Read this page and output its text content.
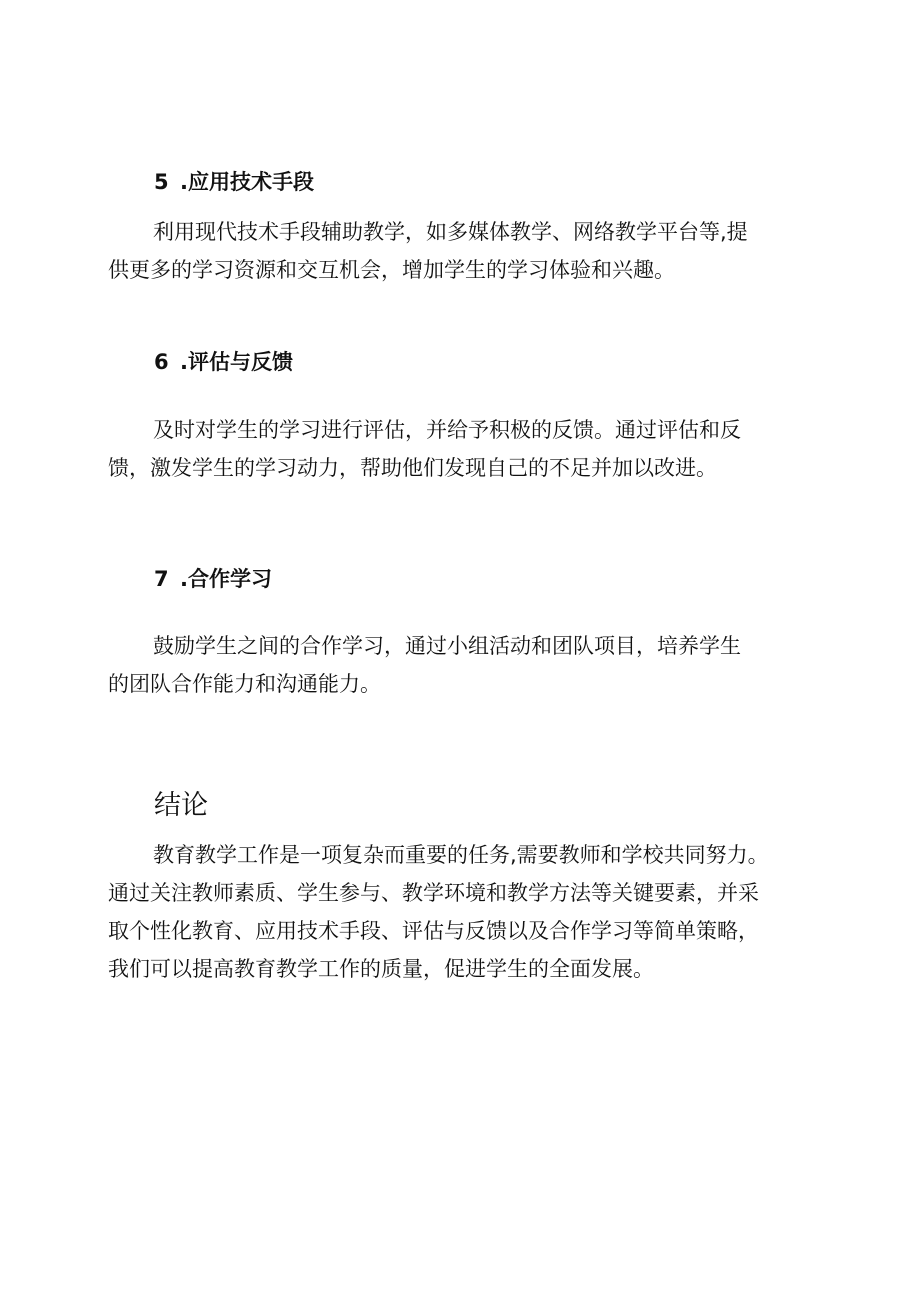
5 .应用技术手段
利用现代技术手段辅助教学，如多媒体教学、网络教学平台等,提
供更多的学习资源和交互机会，增加学生的学习体验和兴趣。
6 .评估与反馈
及时对学生的学习进行评估，并给予积极的反馈。通过评估和反
馈，激发学生的学习动力，帮助他们发现自己的不足并加以改进。
7 .合作学习
鼓励学生之间的合作学习，通过小组活动和团队项目，培养学生
的团队合作能力和沟通能力。
结论
教育教学工作是一项复杂而重要的任务,需要教师和学校共同努力。
通过关注教师素质、学生参与、教学环境和教学方法等关键要素，并采
取个性化教育、应用技术手段、评估与反馈以及合作学习等简单策略，
我们可以提高教育教学工作的质量，促进学生的全面发展。
